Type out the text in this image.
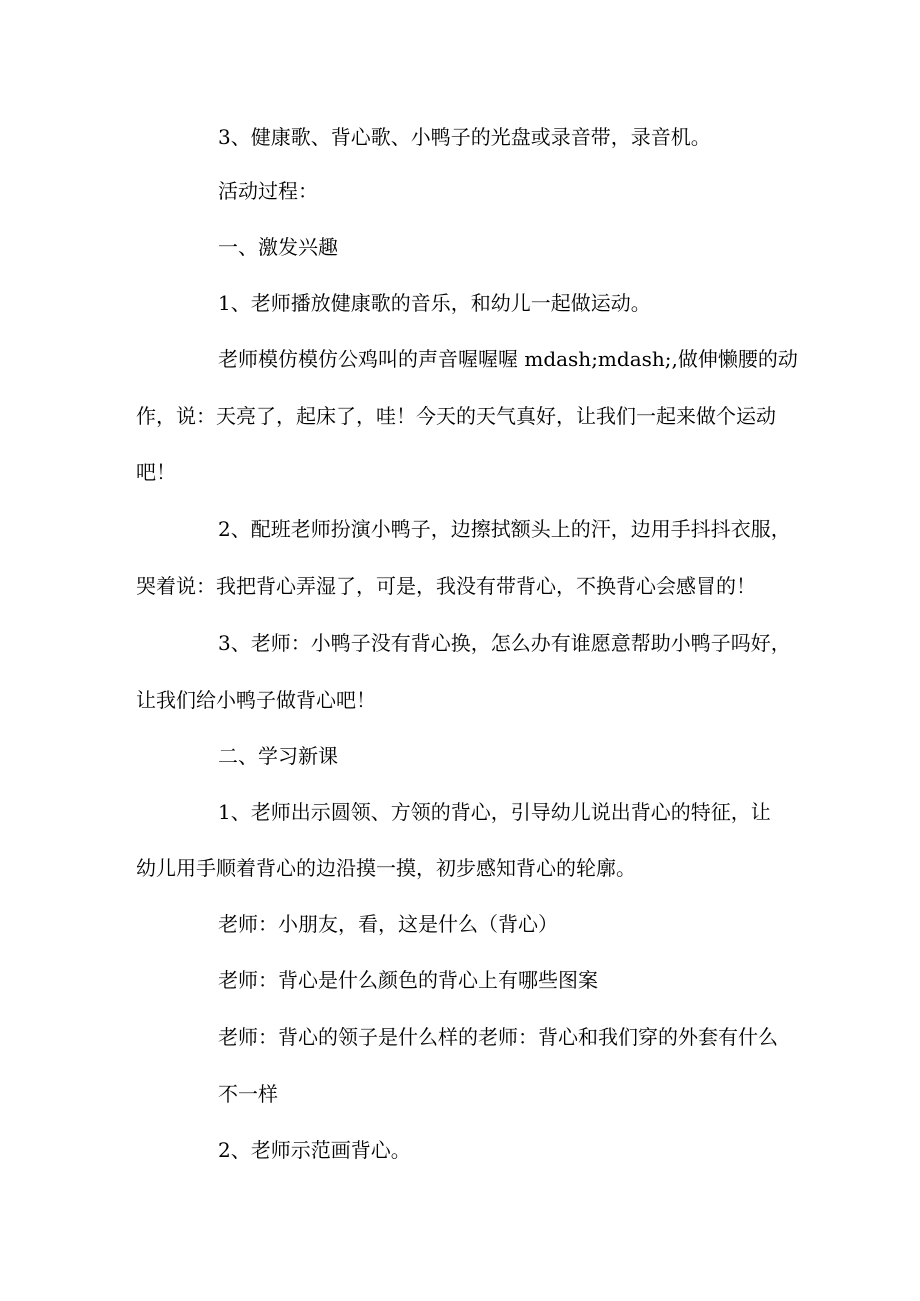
3、健康歌、背心歌、小鸭子的光盘或录音带，录音机。
活动过程：
一、激发兴趣
1、老师播放健康歌的音乐，和幼儿一起做运动。
老师模仿模仿公鸡叫的声音喔喔喔 mdash;mdash;,做伸懒腰的动
作，说：天亮了，起床了，哇！今天的天气真好，让我们一起来做个运动
吧！
2、配班老师扮演小鸭子，边擦拭额头上的汗，边用手抖抖衣服，
哭着说：我把背心弄湿了，可是，我没有带背心，不换背心会感冒的！
3、老师：小鸭子没有背心换，怎么办有谁愿意帮助小鸭子吗好，
让我们给小鸭子做背心吧！
二、学习新课
1、老师出示圆领、方领的背心，引导幼儿说出背心的特征，让
幼儿用手顺着背心的边沿摸一摸，初步感知背心的轮廓。
老师：小朋友，看，这是什么（背心）
老师：背心是什么颜色的背心上有哪些图案
老师：背心的领子是什么样的老师：背心和我们穿的外套有什么
不一样
2、老师示范画背心。
